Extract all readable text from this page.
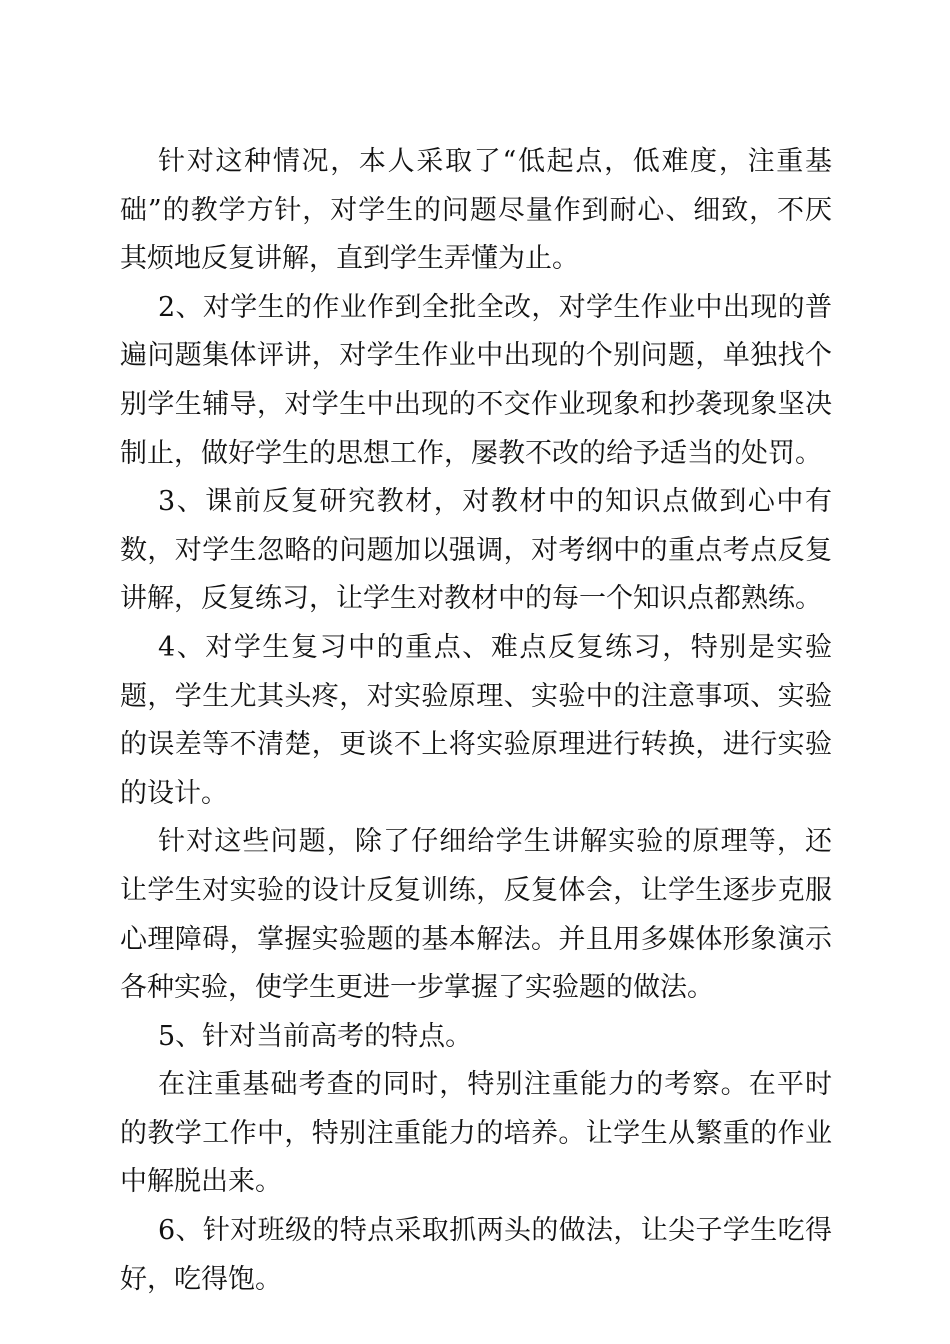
针对这种情况，本人采取了“低起点，低难度，注重基础”的教学方针，对学生的问题尽量作到耐心、细致，不厌其烦地反复讲解，直到学生弄懂为止。

2、对学生的作业作到全批全改，对学生作业中出现的普遍问题集体评讲，对学生作业中出现的个别问题，单独找个别学生辅导，对学生中出现的不交作业现象和抄袭现象坚决制止，做好学生的思想工作，屡教不改的给予适当的处罚。

3、课前反复研究教材，对教材中的知识点做到心中有数，对学生忽略的问题加以强调，对考纲中的重点考点反复讲解，反复练习，让学生对教材中的每一个知识点都熟练。

4、对学生复习中的重点、难点反复练习，特别是实验题，学生尤其头疼，对实验原理、实验中的注意事项、实验的误差等不清楚，更谈不上将实验原理进行转换，进行实验的设计。

针对这些问题，除了仔细给学生讲解实验的原理等，还让学生对实验的设计反复训练，反复体会，让学生逐步克服心理障碍，掌握实验题的基本解法。并且用多媒体形象演示各种实验，使学生更进一步掌握了实验题的做法。

5、针对当前高考的特点。

在注重基础考查的同时，特别注重能力的考察。在平时的教学工作中，特别注重能力的培养。让学生从繁重的作业中解脱出来。

6、针对班级的特点采取抓两头的做法，让尖子学生吃得好，吃得饱。
